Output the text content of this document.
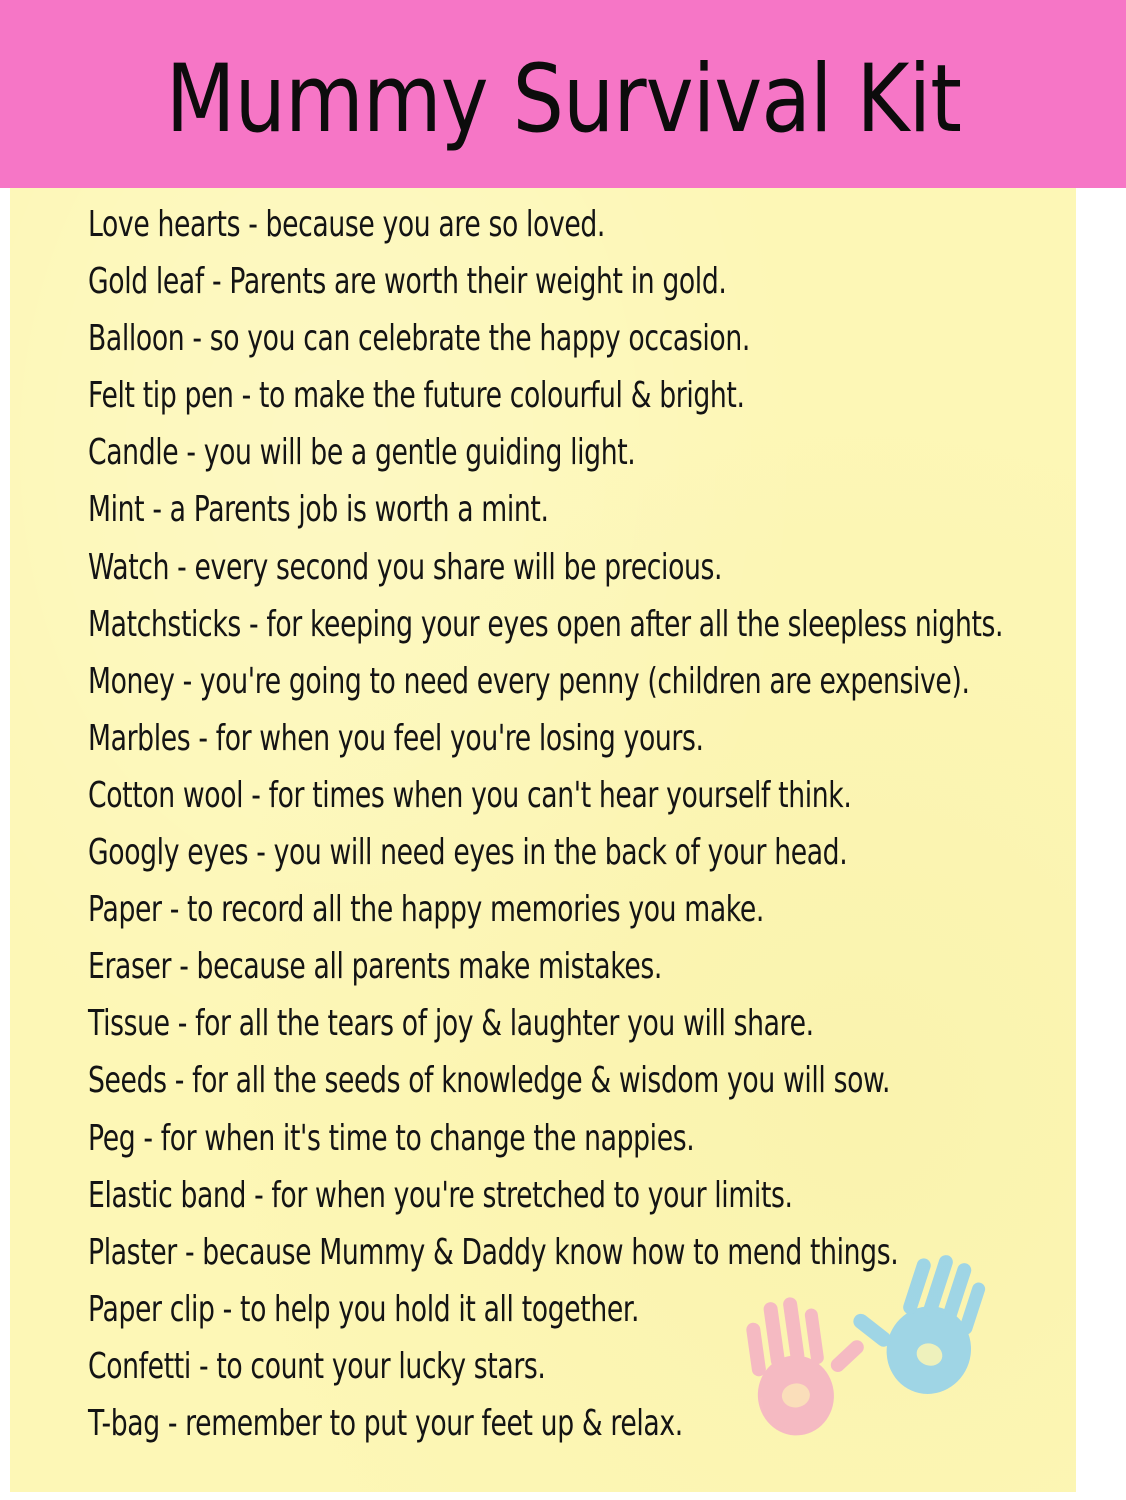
Mummy Survival Kit
Love hearts - because you are so loved.
Gold leaf - Parents are worth their weight in gold.
Balloon - so you can celebrate the happy occasion.
Felt tip pen - to make the future colourful & bright.
Candle - you will be a gentle guiding light.
Mint - a Parents job is worth a mint.
Watch - every second you share will be precious.
Matchsticks - for keeping your eyes open after all the sleepless nights.
Money - you're going to need every penny (children are expensive).
Marbles - for when you feel you're losing yours.
Cotton wool - for times when you can't hear yourself think.
Googly eyes - you will need eyes in the back of your head.
Paper - to record all the happy memories you make.
Eraser - because all parents make mistakes.
Tissue - for all the tears of joy & laughter you will share.
Seeds - for all the seeds of knowledge & wisdom you will sow.
Peg - for when it's time to change the nappies.
Elastic band - for when you're stretched to your limits.
Plaster - because Mummy & Daddy know how to mend things.
Paper clip - to help you hold it all together.
Confetti - to count your lucky stars.
T-bag - remember to put your feet up & relax.
